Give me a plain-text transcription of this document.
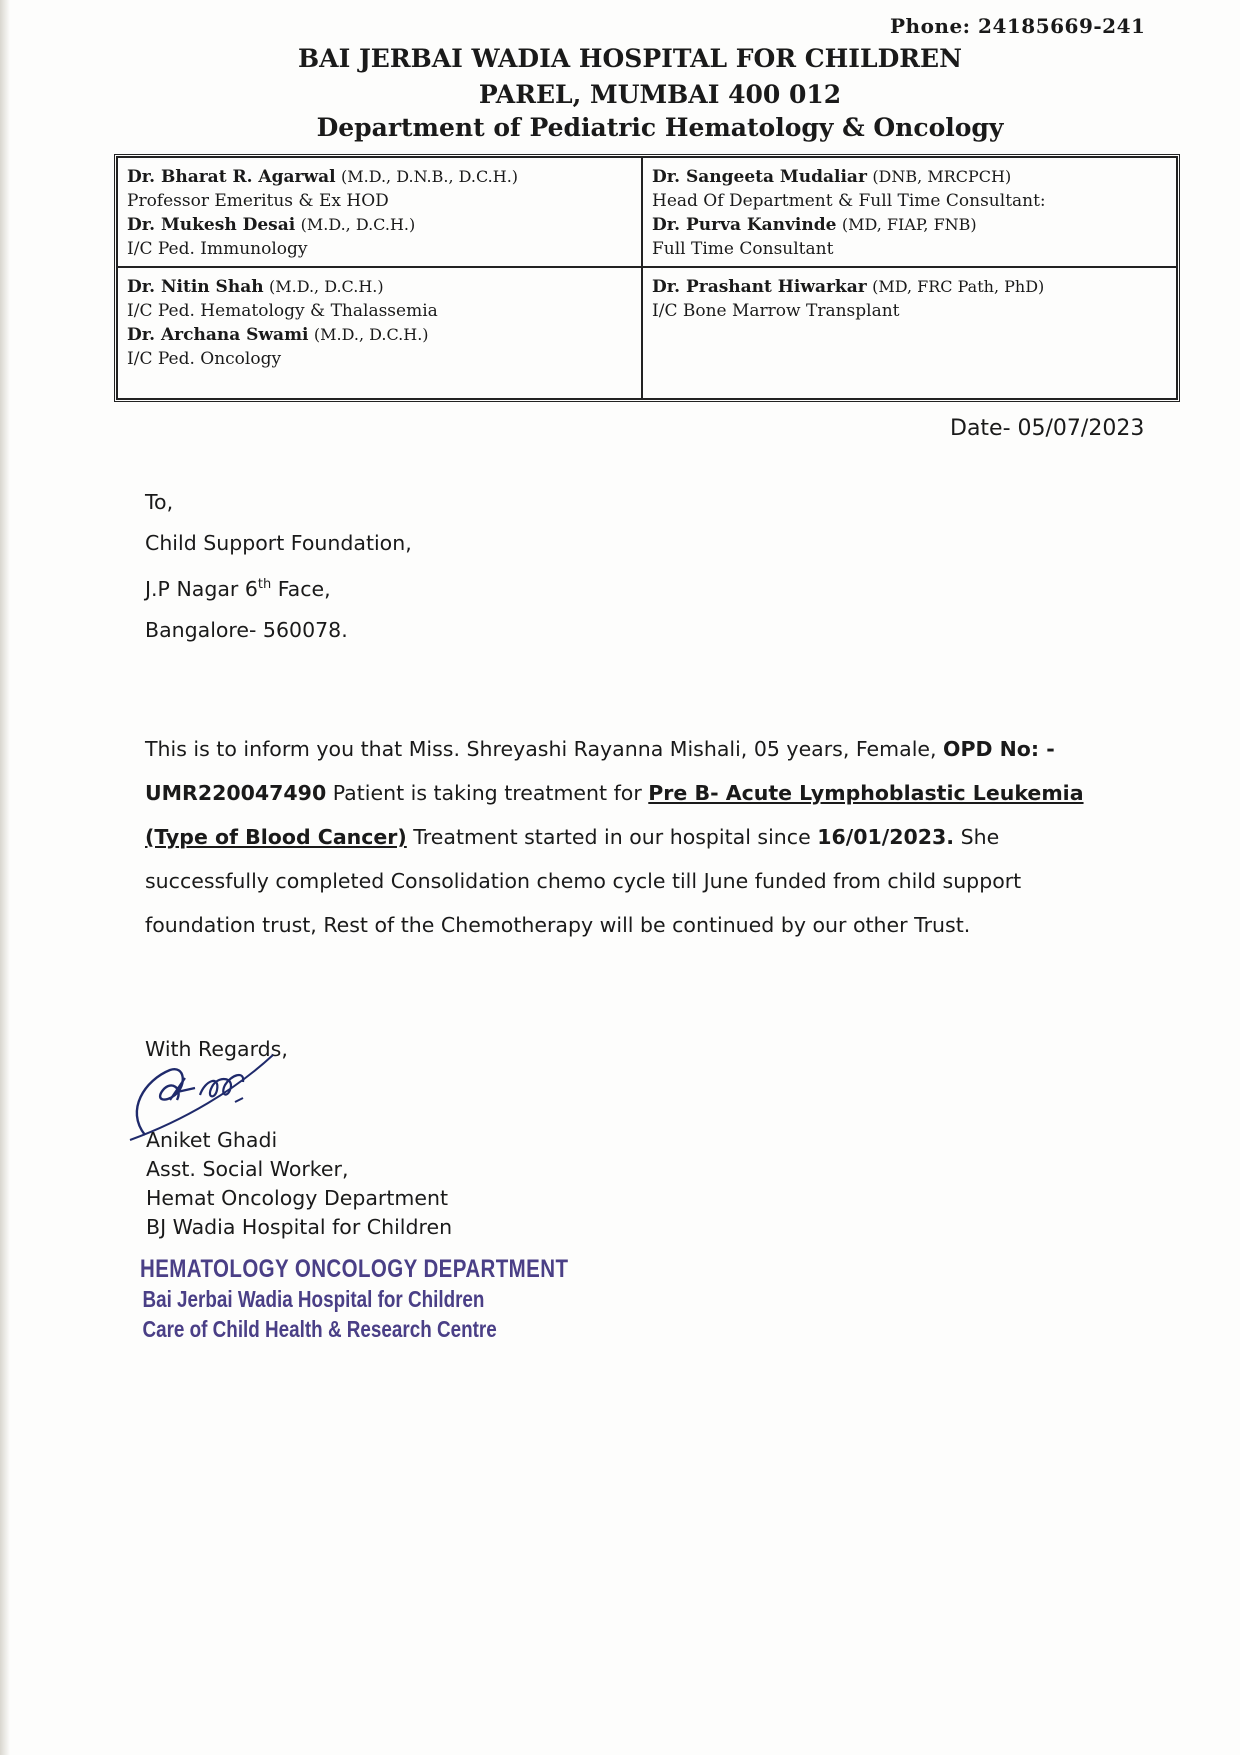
Phone: 24185669-241
BAI JERBAI WADIA HOSPITAL FOR CHILDREN
PAREL, MUMBAI 400 012
Department of Pediatric Hematology & Oncology
Dr. Bharat R. Agarwal (M.D., D.N.B., D.C.H.)
Professor Emeritus & Ex HOD
Dr. Mukesh Desai (M.D., D.C.H.)
I/C Ped. Immunology
Dr. Sangeeta Mudaliar (DNB, MRCPCH)
Head Of Department & Full Time Consultant:
Dr. Purva Kanvinde (MD, FIAP, FNB)
Full Time Consultant
Dr. Nitin Shah (M.D., D.C.H.)
I/C Ped. Hematology & Thalassemia
Dr. Archana Swami (M.D., D.C.H.)
I/C Ped. Oncology
Dr. Prashant Hiwarkar (MD, FRC Path, PhD)
I/C Bone Marrow Transplant
Date- 05/07/2023
To,
Child Support Foundation,
J.P Nagar 6th Face,
Bangalore- 560078.
This is to inform you that Miss. Shreyashi Rayanna Mishali, 05 years, Female, OPD No: - UMR220047490 Patient is taking treatment for Pre B- Acute Lymphoblastic Leukemia (Type of Blood Cancer) Treatment started in our hospital since 16/01/2023. She successfully completed Consolidation chemo cycle till June funded from child support foundation trust, Rest of the Chemotherapy will be continued by our other Trust.
With Regards,
Aniket Ghadi
Asst. Social Worker,
Hemat Oncology Department
BJ Wadia Hospital for Children
HEMATOLOGY ONCOLOGY DEPARTMENT
Bai Jerbai Wadia Hospital for Children
Care of Child Health & Research Centre
